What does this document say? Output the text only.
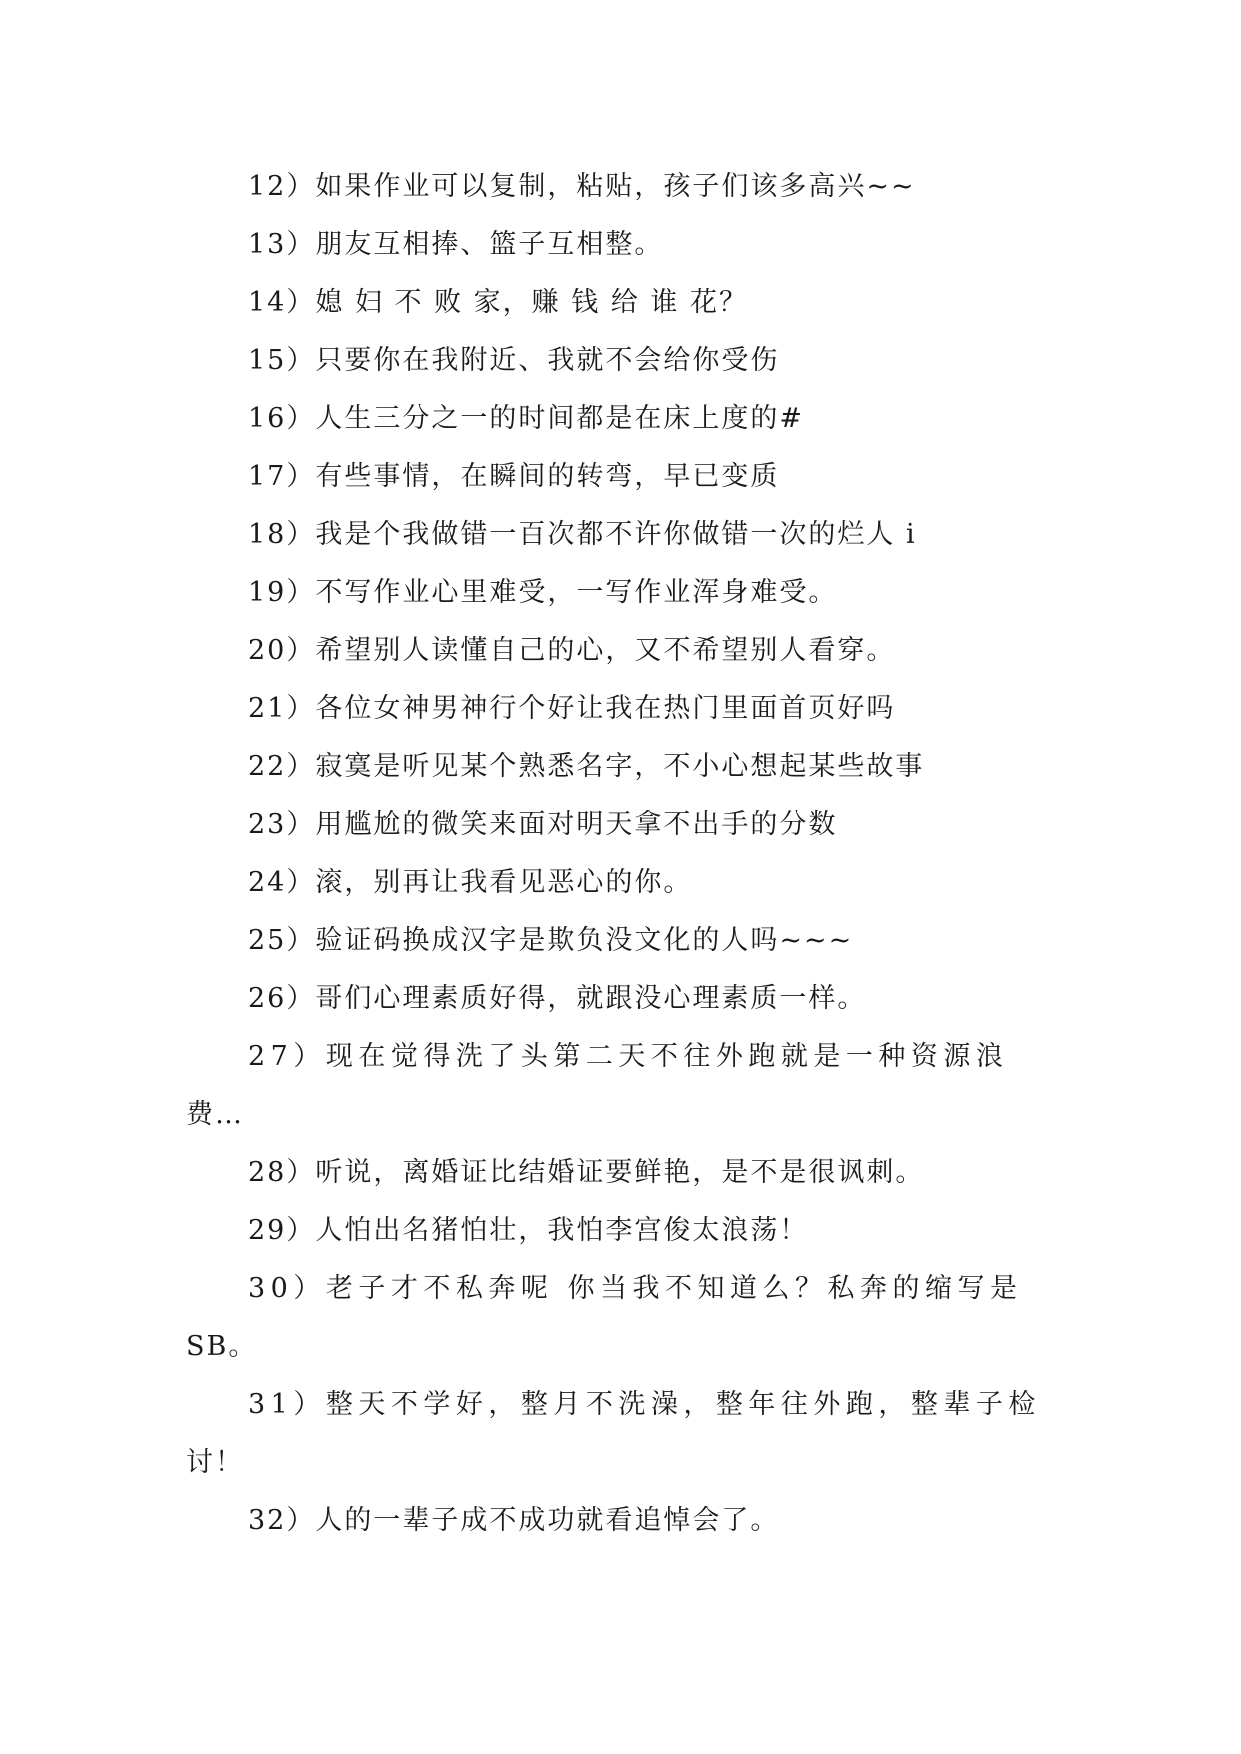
12）如果作业可以复制，粘贴，孩子们该多高兴~~
13）朋友互相捧、篮子互相整。
14）媳 妇 不 败 家，赚 钱 给 谁 花？
15）只要你在我附近、我就不会给你受伤
16）人生三分之一的时间都是在床上度的#
17）有些事情，在瞬间的转弯，早已变质
18）我是个我做错一百次都不许你做错一次的烂人 i
19）不写作业心里难受，一写作业浑身难受。
20）希望别人读懂自己的心，又不希望别人看穿。
21）各位女神男神行个好让我在热门里面首页好吗
22）寂寞是听见某个熟悉名字，不小心想起某些故事
23）用尴尬的微笑来面对明天拿不出手的分数
24）滚，别再让我看见恶心的你。
25）验证码换成汉字是欺负没文化的人吗~~~
26）哥们心理素质好得，就跟没心理素质一样。
27）现在觉得洗了头第二天不往外跑就是一种资源浪
费…
28）听说，离婚证比结婚证要鲜艳，是不是很讽刺。
29）人怕出名猪怕壮，我怕李宫俊太浪荡！
30）老子才不私奔呢 你当我不知道么？私奔的缩写是
SB。
31）整天不学好，整月不洗澡，整年往外跑，整辈子检
讨！
32）人的一辈子成不成功就看追悼会了。
